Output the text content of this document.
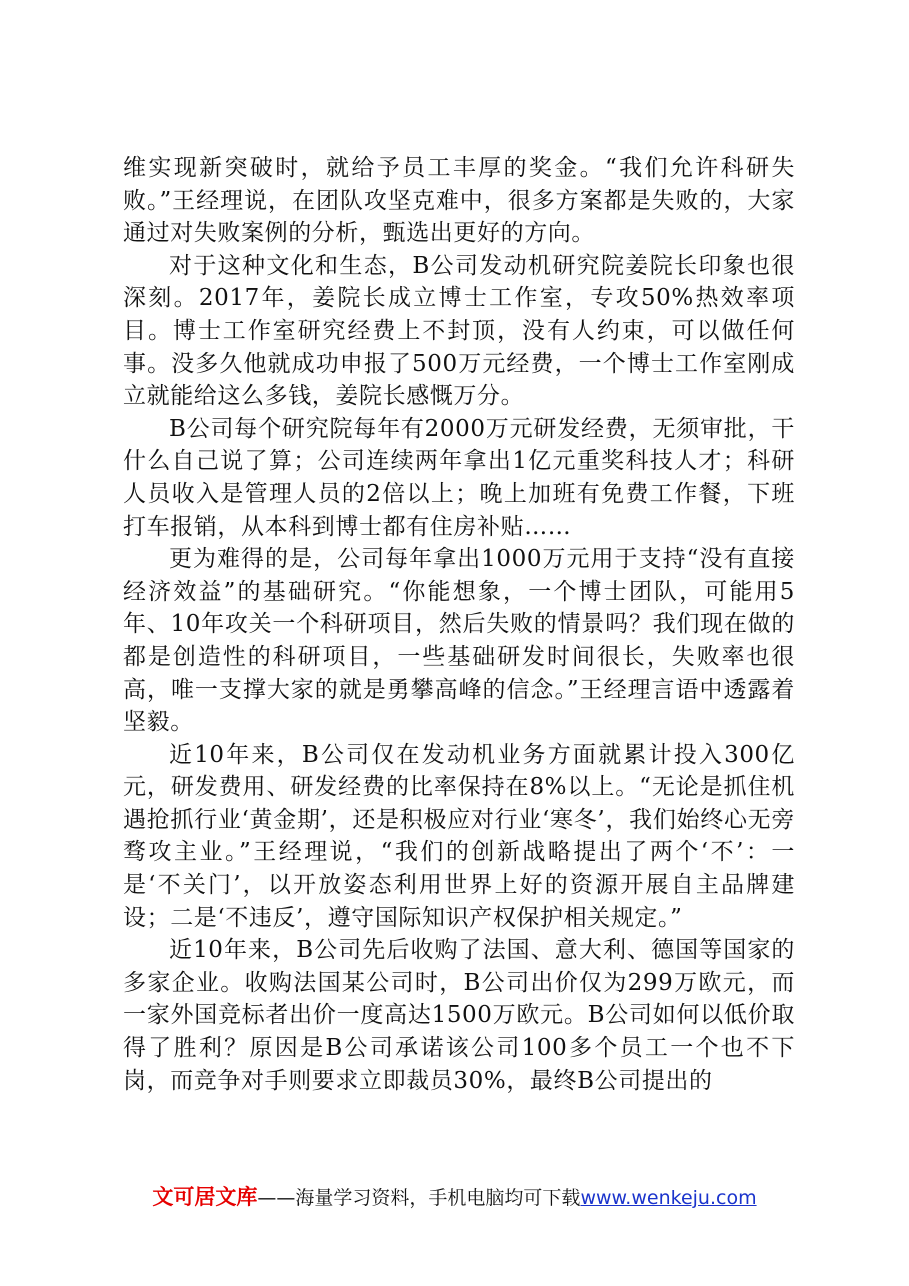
维实现新突破时，就给予员工丰厚的奖金。“我们允许科研失败。”王经理说，在团队攻坚克难中，很多方案都是失败的，大家通过对失败案例的分析，甄选出更好的方向。

对于这种文化和生态，B公司发动机研究院姜院长印象也很深刻。2017年，姜院长成立博士工作室，专攻50%热效率项目。博士工作室研究经费上不封顶，没有人约束，可以做任何事。没多久他就成功申报了500万元经费，一个博士工作室刚成立就能给这么多钱，姜院长感慨万分。

B公司每个研究院每年有2000万元研发经费，无须审批，干什么自己说了算；公司连续两年拿出1亿元重奖科技人才；科研人员收入是管理人员的2倍以上；晚上加班有免费工作餐，下班打车报销，从本科到博士都有住房补贴……

更为难得的是，公司每年拿出1000万元用于支持“没有直接经济效益”的基础研究。“你能想象，一个博士团队，可能用5年、10年攻关一个科研项目，然后失败的情景吗？我们现在做的都是创造性的科研项目，一些基础研发时间很长，失败率也很高，唯一支撑大家的就是勇攀高峰的信念。”王经理言语中透露着坚毅。

近10年来，B公司仅在发动机业务方面就累计投入300亿元，研发费用、研发经费的比率保持在8%以上。“无论是抓住机遇抢抓行业‘黄金期’，还是积极应对行业‘寒冬’，我们始终心无旁骛攻主业。”王经理说，“我们的创新战略提出了两个‘不’：一是‘不关门’，以开放姿态利用世界上好的资源开展自主品牌建设；二是‘不违反’，遵守国际知识产权保护相关规定。”

近10年来，B公司先后收购了法国、意大利、德国等国家的多家企业。收购法国某公司时，B公司出价仅为299万欧元，而一家外国竞标者出价一度高达1500万欧元。B公司如何以低价取得了胜利？原因是B公司承诺该公司100多个员工一个也不下岗，而竞争对手则要求立即裁员30%，最终B公司提出的

文可居文库——海量学习资料，手机电脑均可下载www.wenkeju.com
